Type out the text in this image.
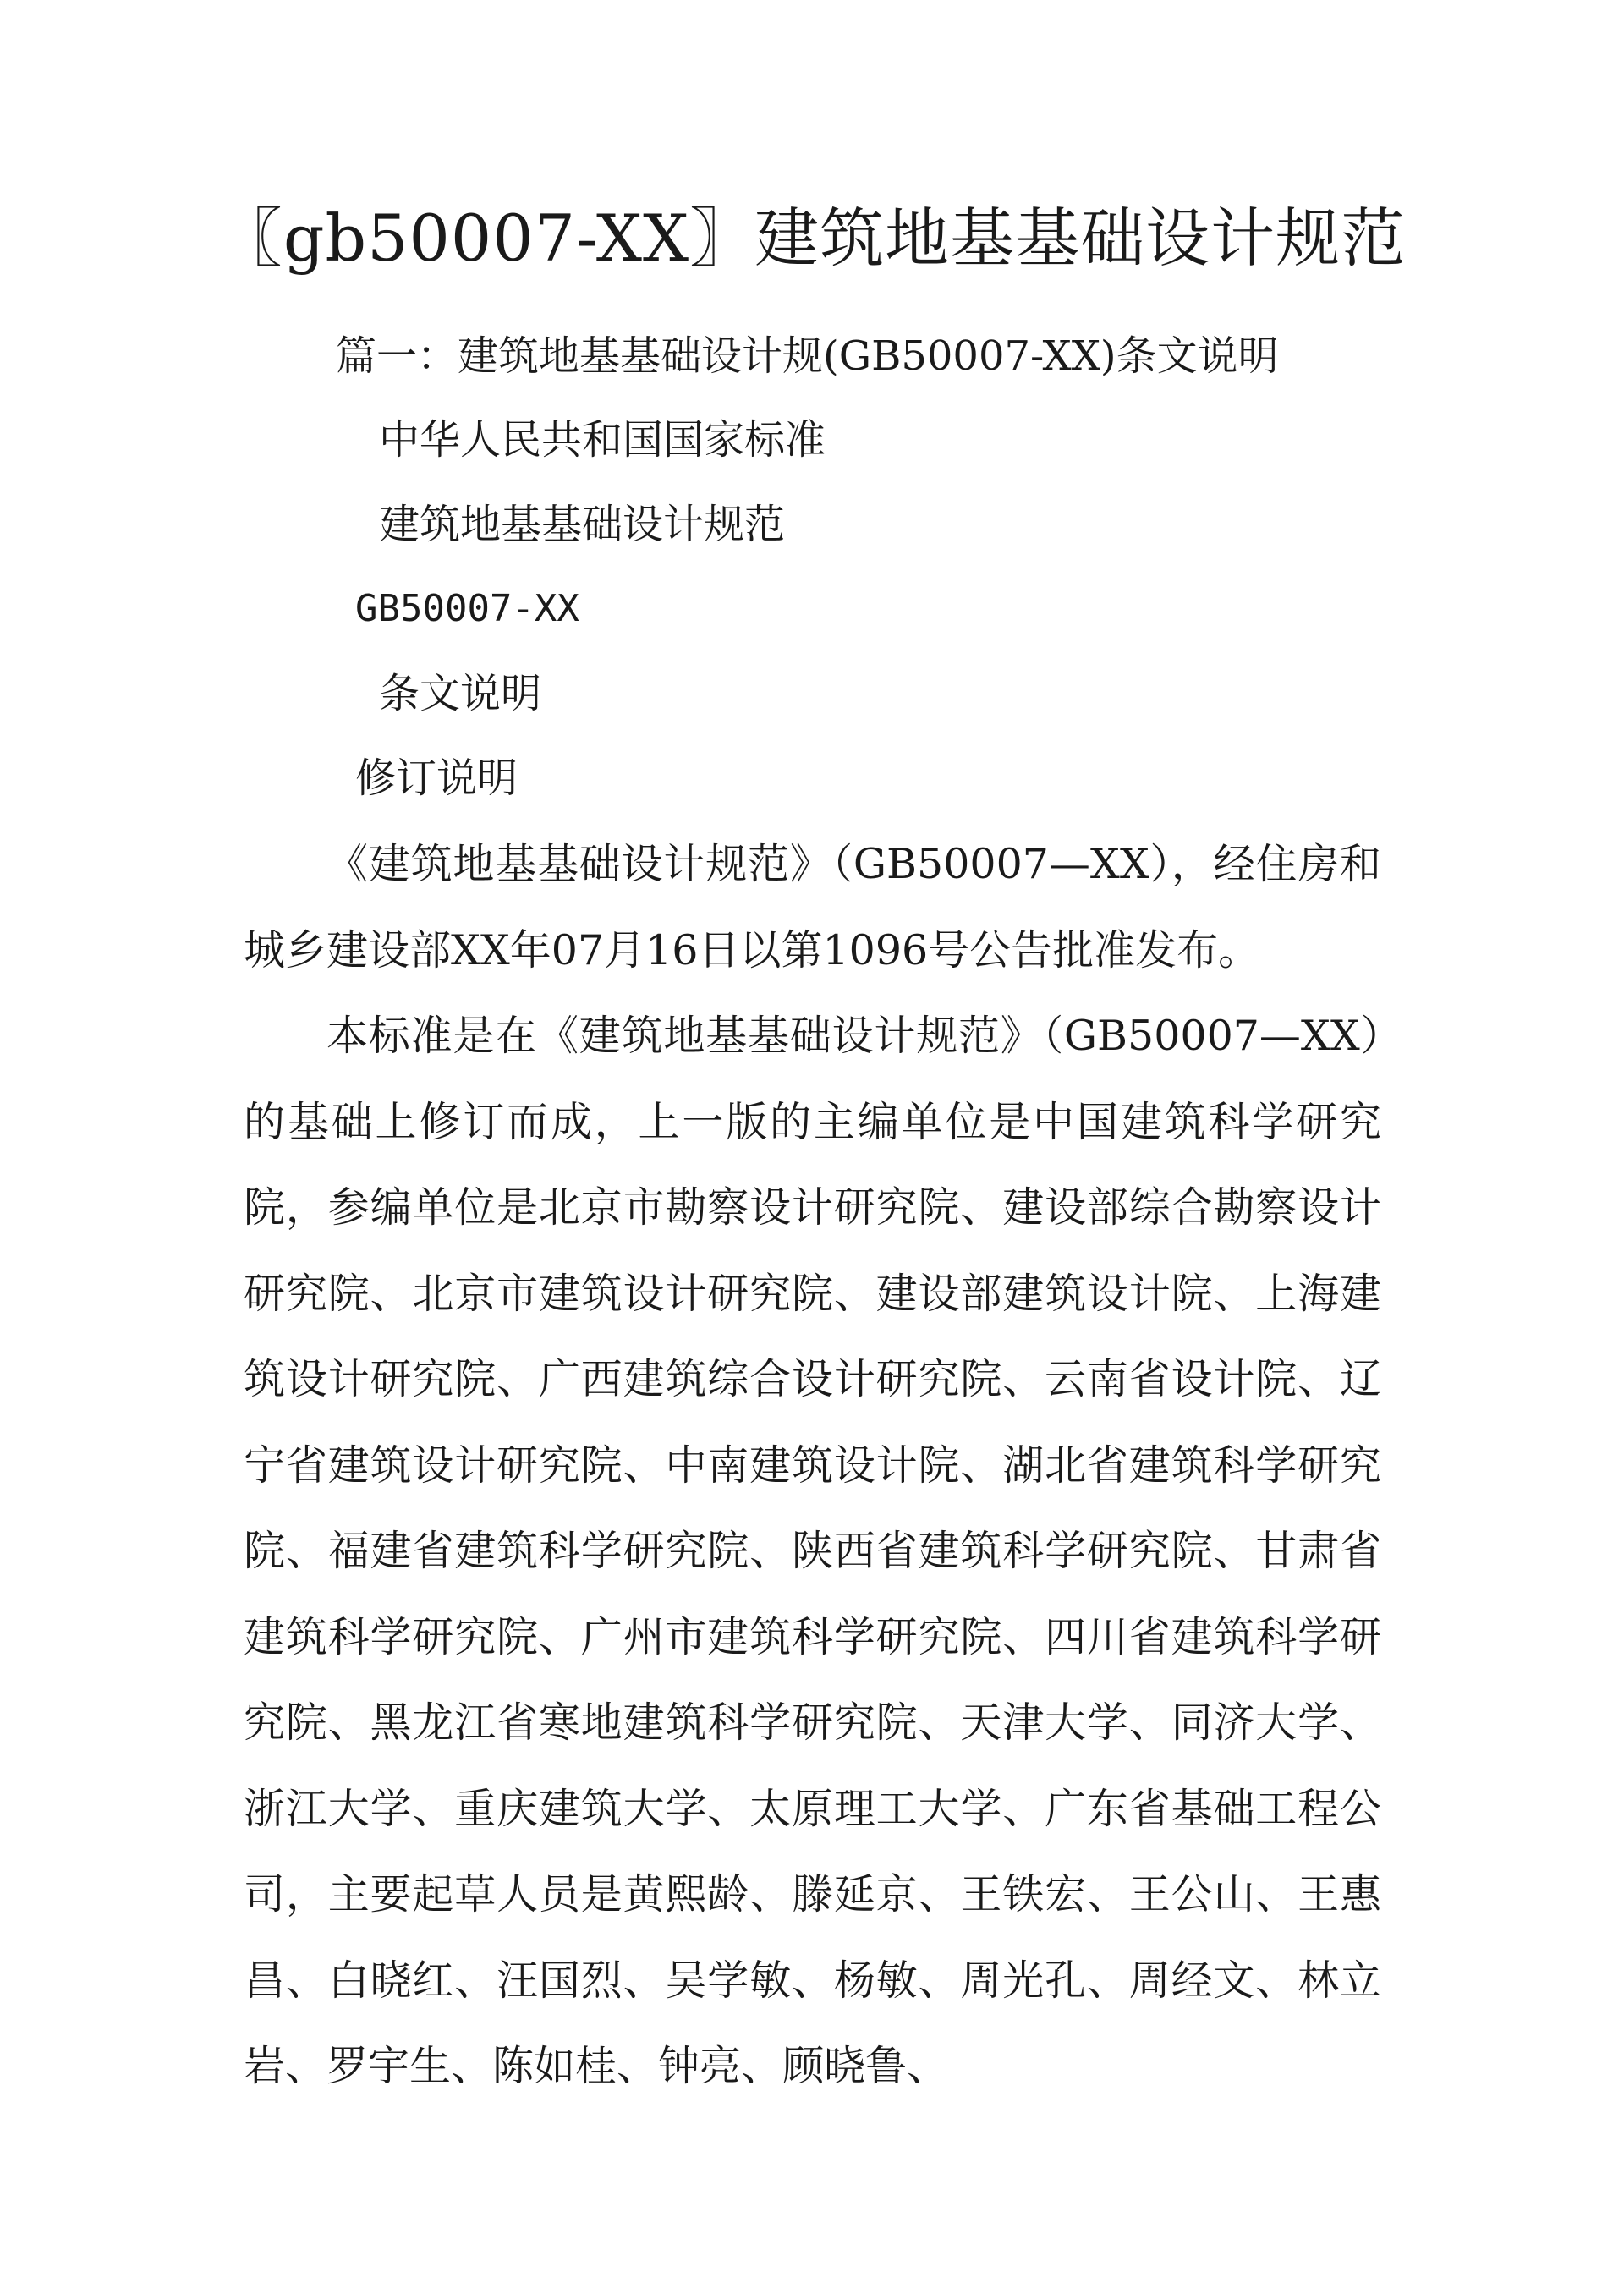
〖gb50007-XX〗建筑地基基础设计规范
篇一：建筑地基基础设计规(GB50007-XX)条文说明
中华人民共和国国家标准
建筑地基基础设计规范
GB50007-XX
条文说明
修订说明

《建筑地基基础设计规范》（GB50007—XX），经住房和城乡建设部XX年07月16日以第1096号公告批准发布。

本标准是在《建筑地基基础设计规范》（GB50007—XX）的基础上修订而成，上一版的主编单位是中国建筑科学研究院，参编单位是北京市勘察设计研究院、建设部综合勘察设计研究院、北京市建筑设计研究院、建设部建筑设计院、上海建筑设计研究院、广西建筑综合设计研究院、云南省设计院、辽宁省建筑设计研究院、中南建筑设计院、湖北省建筑科学研究院、福建省建筑科学研究院、陕西省建筑科学研究院、甘肃省建筑科学研究院、广州市建筑科学研究院、四川省建筑科学研究院、黑龙江省寒地建筑科学研究院、天津大学、同济大学、浙江大学、重庆建筑大学、太原理工大学、广东省基础工程公司，主要起草人员是黄熙龄、滕延京、王铁宏、王公山、王惠昌、白晓红、汪国烈、吴学敏、杨敏、周光孔、周经文、林立岩、罗宇生、陈如桂、钟亮、顾晓鲁、
